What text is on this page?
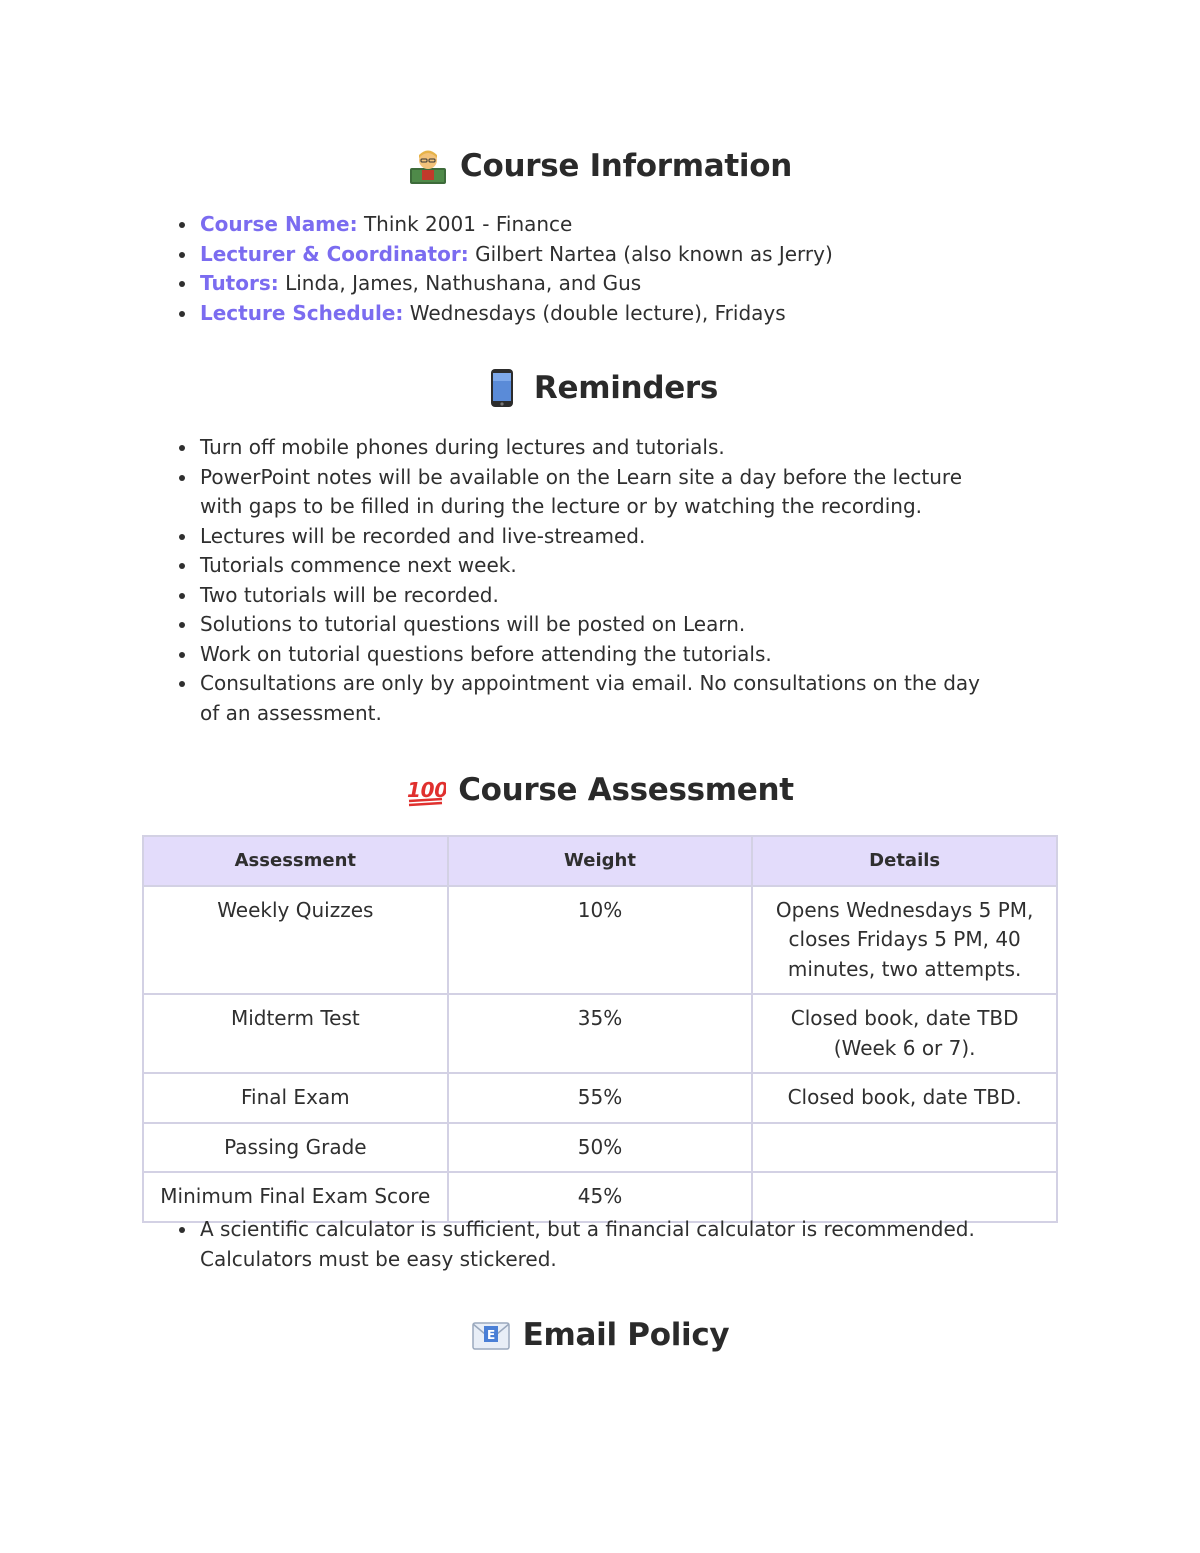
Course Information
Course Name: Think 2001 - Finance
Lecturer & Coordinator: Gilbert Nartea (also known as Jerry)
Tutors: Linda, James, Nathushana, and Gus
Lecture Schedule: Wednesdays (double lecture), Fridays
Reminders
Turn off mobile phones during lectures and tutorials.
PowerPoint notes will be available on the Learn site a day before the lecture with gaps to be filled in during the lecture or by watching the recording.
Lectures will be recorded and live-streamed.
Tutorials commence next week.
Two tutorials will be recorded.
Solutions to tutorial questions will be posted on Learn.
Work on tutorial questions before attending the tutorials.
Consultations are only by appointment via email. No consultations on the day of an assessment.
100 Course Assessment
Assessment	Weight	Details
Weekly Quizzes	10%	Opens Wednesdays 5 PM, closes Fridays 5 PM, 40 minutes, two attempts.
Midterm Test	35%	Closed book, date TBD (Week 6 or 7).
Final Exam	55%	Closed book, date TBD.
Passing Grade	50%	
Minimum Final Exam Score	45%	
A scientific calculator is sufficient, but a financial calculator is recommended. Calculators must be easy stickered.
E Email Policy
